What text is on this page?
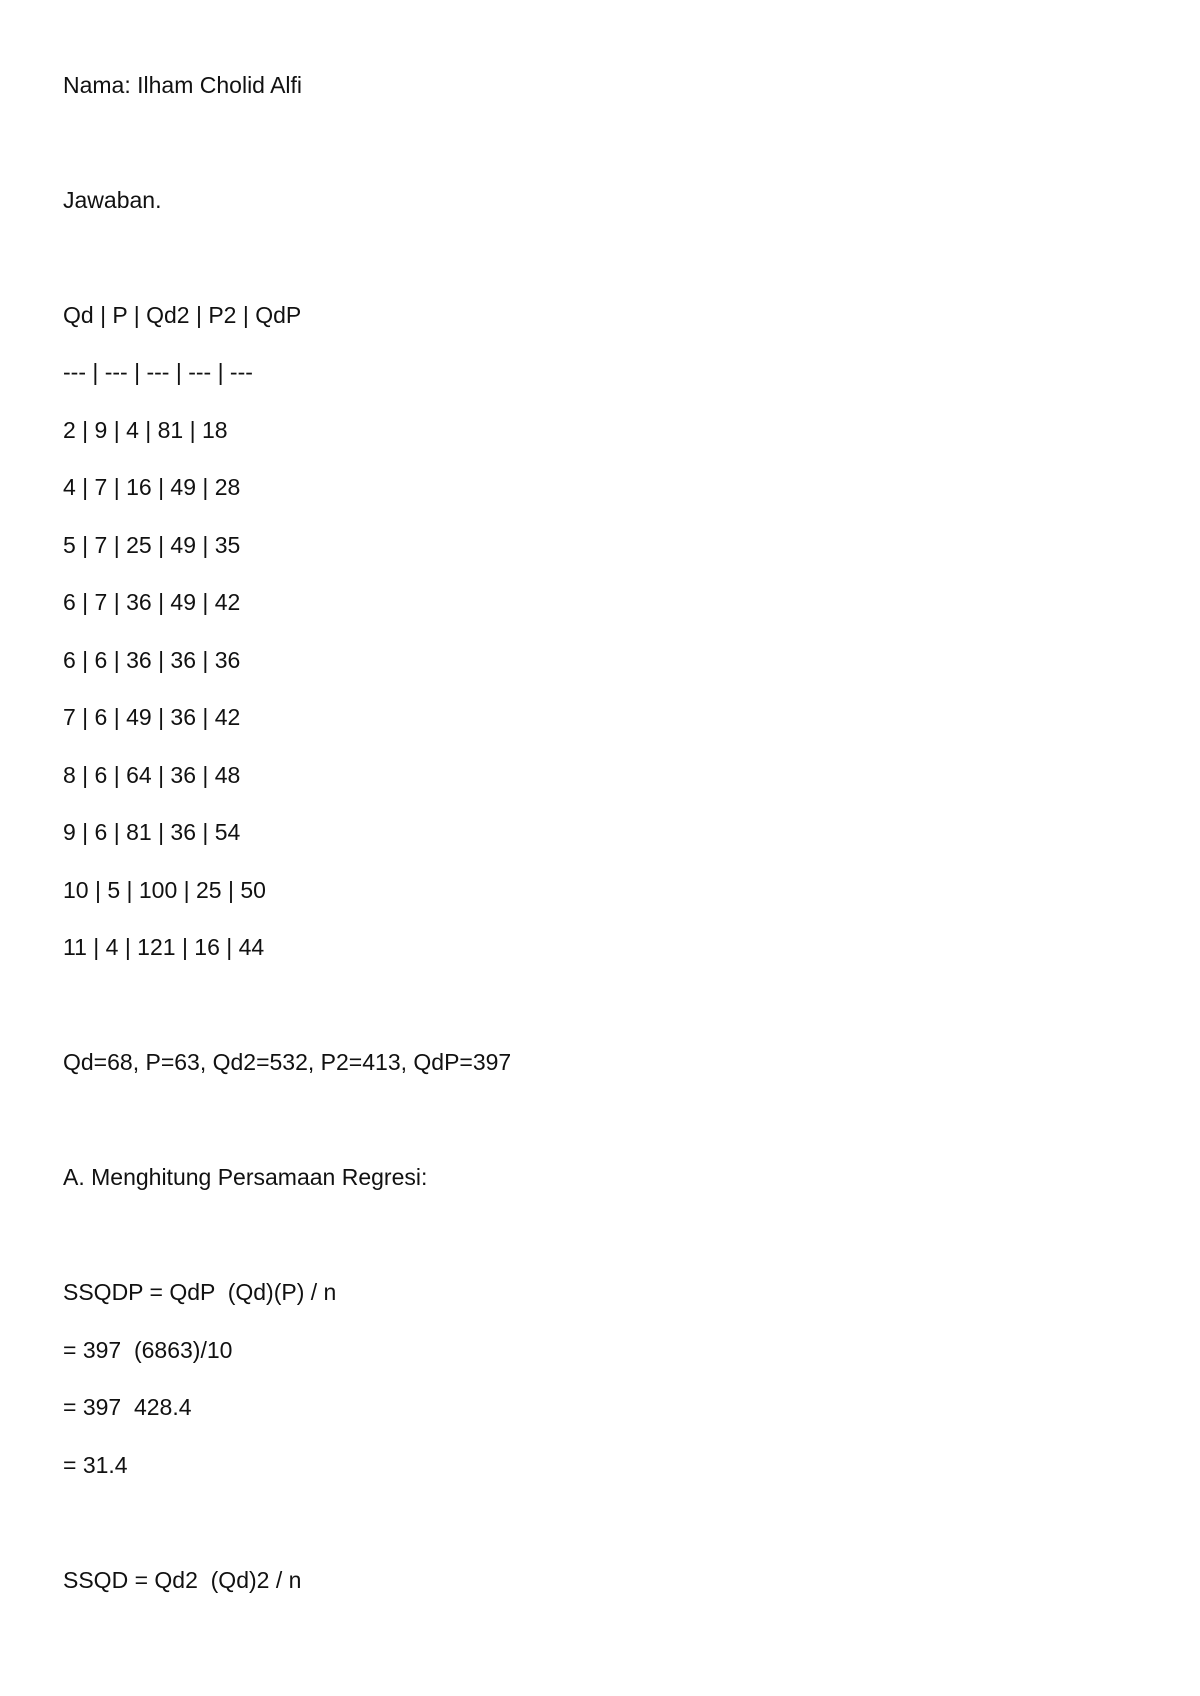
Nama: Ilham Cholid Alfi
Jawaban.
Qd | P | Qd2 | P2 | QdP
--- | --- | --- | --- | ---
2 | 9 | 4 | 81 | 18
4 | 7 | 16 | 49 | 28
5 | 7 | 25 | 49 | 35
6 | 7 | 36 | 49 | 42
6 | 6 | 36 | 36 | 36
7 | 6 | 49 | 36 | 42
8 | 6 | 64 | 36 | 48
9 | 6 | 81 | 36 | 54
10 | 5 | 100 | 25 | 50
11 | 4 | 121 | 16 | 44
Qd=68, P=63, Qd2=532, P2=413, QdP=397
A. Menghitung Persamaan Regresi:
SSQDP = QdP  (Qd)(P) / n
= 397  (6863)/10
= 397  428.4
= 31.4
SSQD = Qd2  (Qd)2 / n
